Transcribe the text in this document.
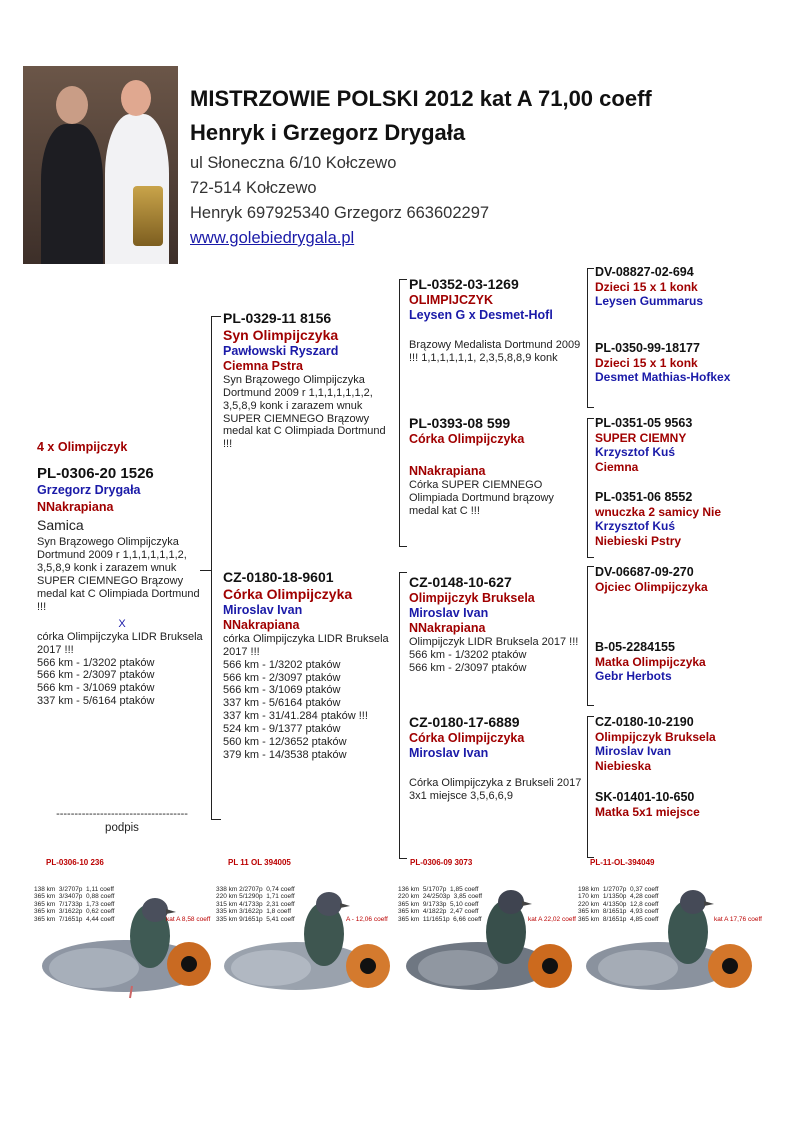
MISTRZOWIE POLSKI 2012 kat A 71,00 coeff
Henryk i Grzegorz Drygała
ul Słoneczna 6/10 Kołczewo
72-514 Kołczewo
Henryk 697925340 Grzegorz 663602297
www.golebiedrygala.pl
4 x Olimpijczyk
PL-0306-20 1526
Grzegorz Drygała
NNakrapiana
Samica
Syn Brązowego Olimpijczyka Dortmund 2009 r 1,1,1,1,1,1,2, 3,5,8,9 konk i zarazem wnuk SUPER CIEMNEGO Brązowy medal kat C Olimpiada Dortmund !!!
X
córka Olimpijczyka LIDR Bruksela 2017 !!!
566 km - 1/3202 ptaków
566 km - 2/3097 ptaków
566 km - 3/1069 ptaków
337 km - 5/6164 ptaków
------------------------------------
podpis
PL-0329-11 8156
Syn Olimpijczyka
Pawłowski Ryszard
Ciemna Pstra
Syn Brązowego Olimpijczyka Dortmund 2009 r 1,1,1,1,1,1,2, 3,5,8,9 konk i zarazem wnuk SUPER CIEMNEGO Brązowy medal kat C Olimpiada Dortmund !!!
CZ-0180-18-9601
Córka Olimpijczyka
Miroslav Ivan
NNakrapiana
córka Olimpijczyka LIDR Bruksela 2017 !!!
566 km - 1/3202 ptaków
566 km - 2/3097 ptaków
566 km - 3/1069 ptaków
337 km - 5/6164 ptaków
337 km - 31/41.284 ptaków !!!
524 km - 9/1377 ptaków
560 km - 12/3652 ptaków
379 km - 14/3538 ptaków
PL-0352-03-1269
OLIMPIJCZYK
Leysen G x Desmet-Hofl
Brązowy Medalista Dortmund 2009 !!! 1,1,1,1,1,1, 2,3,5,8,8,9 konk
PL-0393-08 599
Córka Olimpijczyka
NNakrapiana
Córka SUPER CIEMNEGO Olimpiada Dortmund brązowy medal kat C !!!
CZ-0148-10-627
Olimpijczyk Bruksela
Miroslav Ivan
NNakrapiana
Olimpijczyk LIDR Bruksela 2017 !!!
566 km - 1/3202 ptaków
566 km - 2/3097 ptaków
CZ-0180-17-6889
Córka Olimpijczyka
Miroslav Ivan
Córka Olimpijczyka z Brukseli 2017 3x1 miejsce 3,5,6,6,9
DV-08827-02-694
Dzieci 15 x 1 konk
Leysen Gummarus
PL-0350-99-18177
Dzieci 15 x 1 konk
Desmet Mathias-Hofkex
PL-0351-05 9563
SUPER CIEMNY
Krzysztof Kuś
Ciemna
PL-0351-06 8552
wnuczka 2 samicy Nie
Krzysztof Kuś
Niebieski Pstry
DV-06687-09-270
Ojciec Olimpijczyka
B-05-2284155
Matka Olimpijczyka
Gebr Herbots
CZ-0180-10-2190
Olimpijczyk Bruksela
Miroslav Ivan
Niebieska
SK-01401-10-650
Matka 5x1 miejsce
PL-0306-10 236
138 km  3/2707p  1,11 coeff
365 km  3/3407p  0,88 coeff
365 km  7/1733p  1,73 coeff
365 km  3/1622p  0,62 coeff
365 km  7/1651p  4,44 coeff	kat A 8,58 coeff
PL 11 OL 394005
338 km 2/2707p  0,74 coeff
220 km 5/1290p  1,71 coeff
315 km 4/1733p  2,31 coeff
335 km 3/1622p  1,8 coeff
335 km 9/1651p  5,41 coeff	A - 12,06 coeff
PL-0306-09 3073
136 km  5/1707p  1,85 coeff
220 km  24/2503p  3,85 coeff
365 km  9/1733p  5,10 coeff
365 km  4/1822p  2,47 coeff
365 km  11/1651p  6,66 coeff	kat A 22,02 coeff
PL-11-OL-394049
198 km  1/2707p  0,37 coeff
170 km  1/1350p  4,28 coeff
220 km  4/1350p  12,8 coeff
365 km  8/1651p  4,93 coeff
365 km  8/1651p  4,85 coeff	kat A 17,76 coeff
